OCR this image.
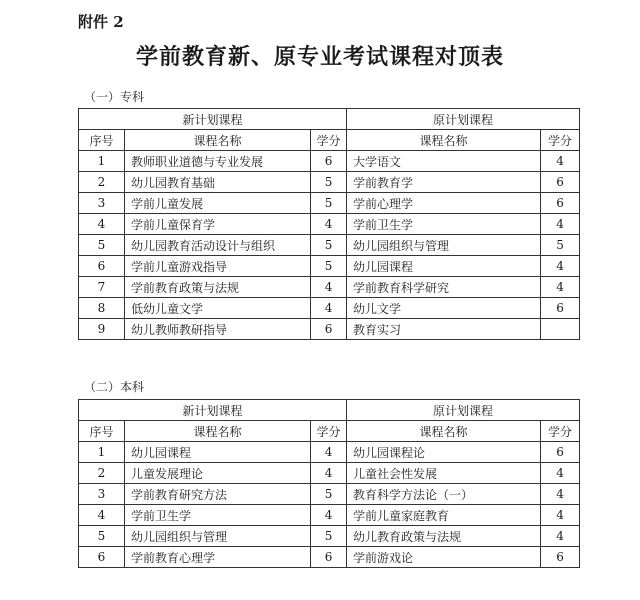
附件 2
学前教育新、原专业考试课程对顶表
（一）专科
新计划课程			原计划课程	
序号	课程名称	学分	课程名称	学分
1	教师职业道德与专业发展	6	大学语文	4
2	幼儿园教育基础	5	学前教育学	6
3	学前儿童发展	5	学前心理学	6
4	学前儿童保育学	4	学前卫生学	4
5	幼儿园教育活动设计与组织	5	幼儿园组织与管理	5
6	学前儿童游戏指导	5	幼儿园课程	4
7	学前教育政策与法规	4	学前教育科学研究	4
8	低幼儿童文学	4	幼儿文学	6
9	幼儿教师教研指导	6	教育实习	
（二）本科
新计划课程			原计划课程	
序号	课程名称	学分	课程名称	学分
1	幼儿园课程	4	幼儿园课程论	6
2	儿童发展理论	4	儿童社会性发展	4
3	学前教育研究方法	5	教育科学方法论（一）	4
4	学前卫生学	4	学前儿童家庭教育	4
5	幼儿园组织与管理	5	幼儿教育政策与法规	4
6	学前教育心理学	6	学前游戏论	6
